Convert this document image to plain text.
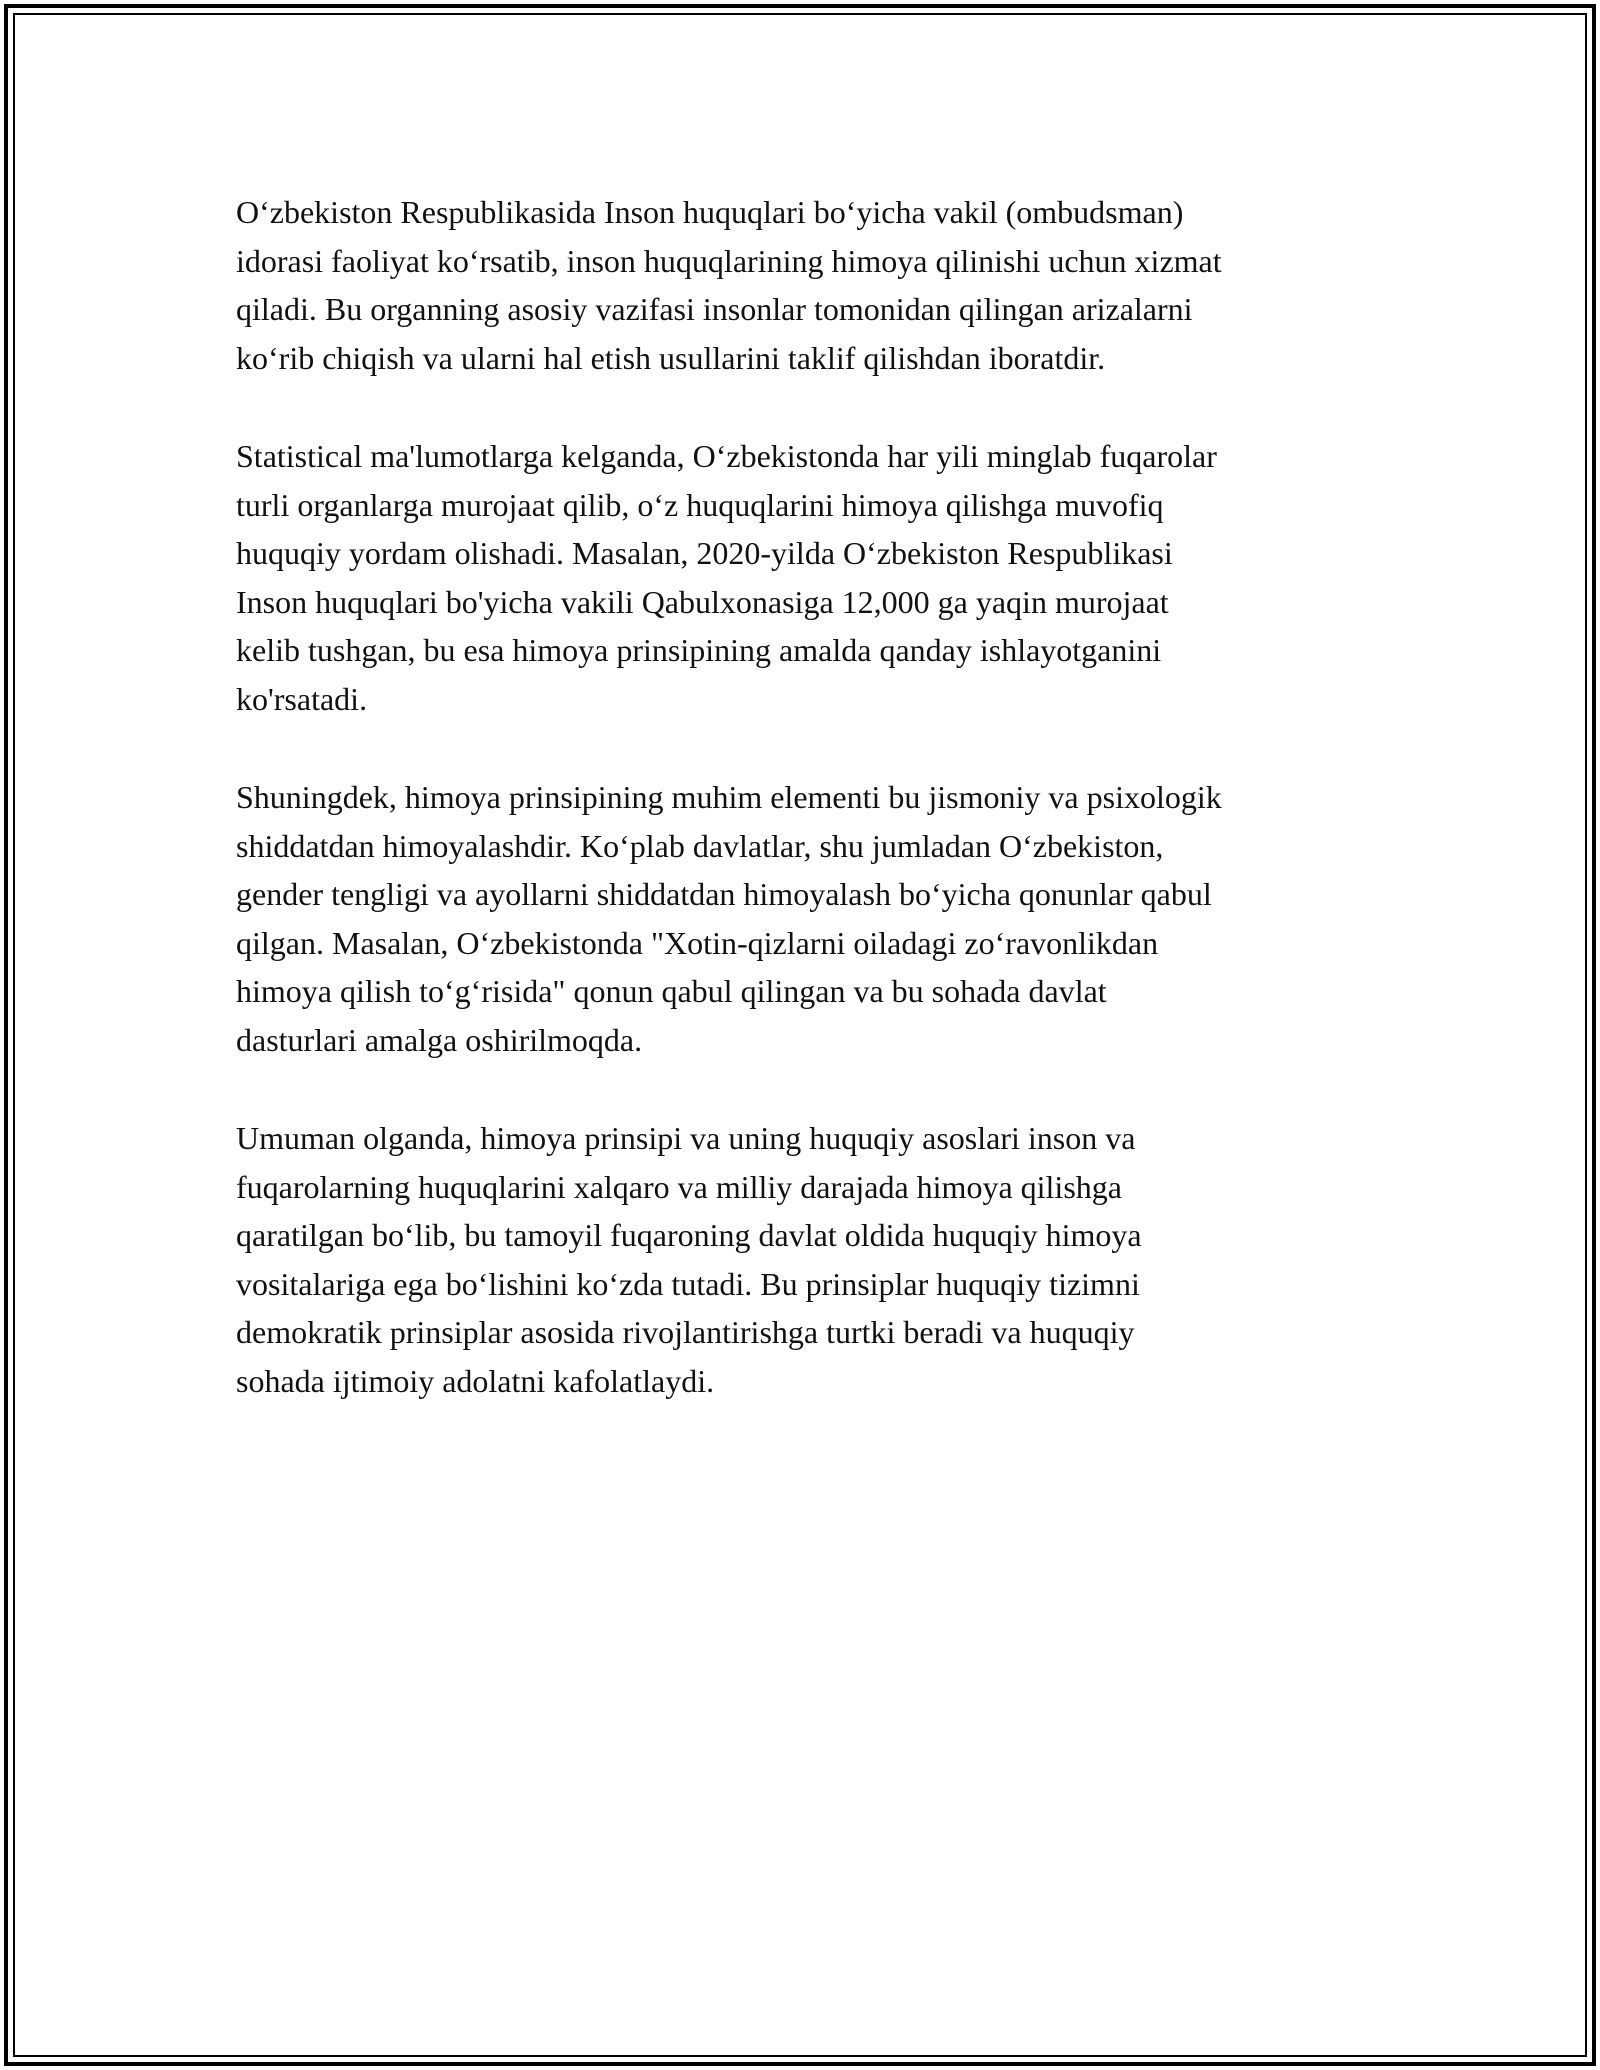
O‘zbekiston Respublikasida Inson huquqlari bo‘yicha vakil (ombudsman)
idorasi faoliyat ko‘rsatib, inson huquqlarining himoya qilinishi uchun xizmat
qiladi. Bu organning asosiy vazifasi insonlar tomonidan qilingan arizalarni
ko‘rib chiqish va ularni hal etish usullarini taklif qilishdan iboratdir.

Statistical ma'lumotlarga kelganda, O‘zbekistonda har yili minglab fuqarolar
turli organlarga murojaat qilib, o‘z huquqlarini himoya qilishga muvofiq
huquqiy yordam olishadi. Masalan, 2020-yilda O‘zbekiston Respublikasi
Inson huquqlari bo'yicha vakili Qabulxonasiga 12,000 ga yaqin murojaat
kelib tushgan, bu esa himoya prinsipining amalda qanday ishlayotganini
ko'rsatadi.

Shuningdek, himoya prinsipining muhim elementi bu jismoniy va psixologik
shiddatdan himoyalashdir. Ko‘plab davlatlar, shu jumladan O‘zbekiston,
gender tengligi va ayollarni shiddatdan himoyalash bo‘yicha qonunlar qabul
qilgan. Masalan, O‘zbekistonda "Xotin-qizlarni oiladagi zo‘ravonlikdan
himoya qilish to‘g‘risida" qonun qabul qilingan va bu sohada davlat
dasturlari amalga oshirilmoqda.

Umuman olganda, himoya prinsipi va uning huquqiy asoslari inson va
fuqarolarning huquqlarini xalqaro va milliy darajada himoya qilishga
qaratilgan bo‘lib, bu tamoyil fuqaroning davlat oldida huquqiy himoya
vositalariga ega bo‘lishini ko‘zda tutadi. Bu prinsiplar huquqiy tizimni
demokratik prinsiplar asosida rivojlantirishga turtki beradi va huquqiy
sohada ijtimoiy adolatni kafolatlaydi.
